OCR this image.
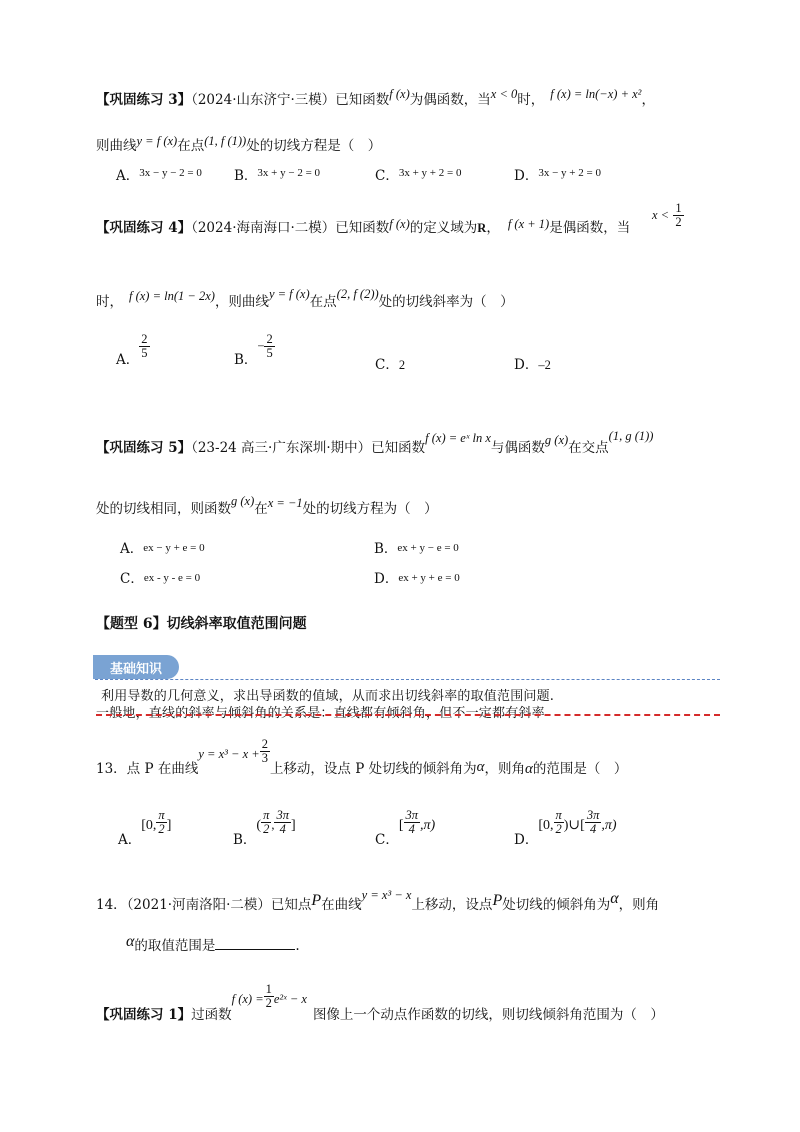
【巩固练习 3】（2024·山东济宁·三模）已知函数f (x)为偶函数，当x < 0时， f (x) = ln(−x) + x²，
则曲线y = f (x)在点(1, f (1))处的切线方程是（　）
A．$^{3x - y - 2 = 0}$ B．$^{3x + y - 2 = 0}$	C．$^{3x + y + 2 = 0}$	D．$^{3x - y + 2 = 0}$
【巩固练习 4】（2024·海南海口·二模）已知函数f (x)的定义域为R， f (x + 1)是偶函数，当
$x < \frac{1}{2}$
时， f (x) = ln(1 − 2x)，则曲线y = f (x)在点(2, f (2))处的切线斜率为（　）
A． $\frac{2}{5}$	B．− $\frac{2}{5}$
C．2	D．–2
【巩固练习 5】（23-24 高三·广东深圳·期中）已知函数f (x) = eˣ ln x与偶函数g (x)在交点(1, g (1))
处的切线相同，则函数g (x)在x = −1处的切线方程为（　）
A．ex − y + e = 0	B．ex + y − e = 0
C．ex - y - e = 0	D．ex + y + e = 0
【题型 6】切线斜率取值范围问题
基础知识
利用导数的几何意义，求出导函数的值域，从而求出切线斜率的取值范围问题.
一般地，直线的斜率与倾斜角的关系是：直线都有倾斜角，但不一定都有斜率
13．点 P 在曲线$y = x^3 - x + \frac{2}{3}$
上移动，设点 P 处切线的倾斜角为α，则角α的范围是（　）
A．[0, $\frac{\pi}{2}$ ]
B．( $\frac{\pi}{2}$ , $\frac{3\pi}{4}$ ]
C．[ $\frac{3\pi}{4} ,\pi$)
D．[0, $\frac{\pi}{2}$ )∪[ $\frac{3\pi}{4} ,\pi$)
14．（2021·河南洛阳·二模）已知点P在曲线y = x³ − x上移动，设点P处切线的倾斜角为α，则角
α的取值范围是	.
【巩固练习 1】过函数f $(x) = \frac{1}{2}$ e²ˣ − x图像上一个动点作函数的切线，则切线倾斜角范围为（　）
